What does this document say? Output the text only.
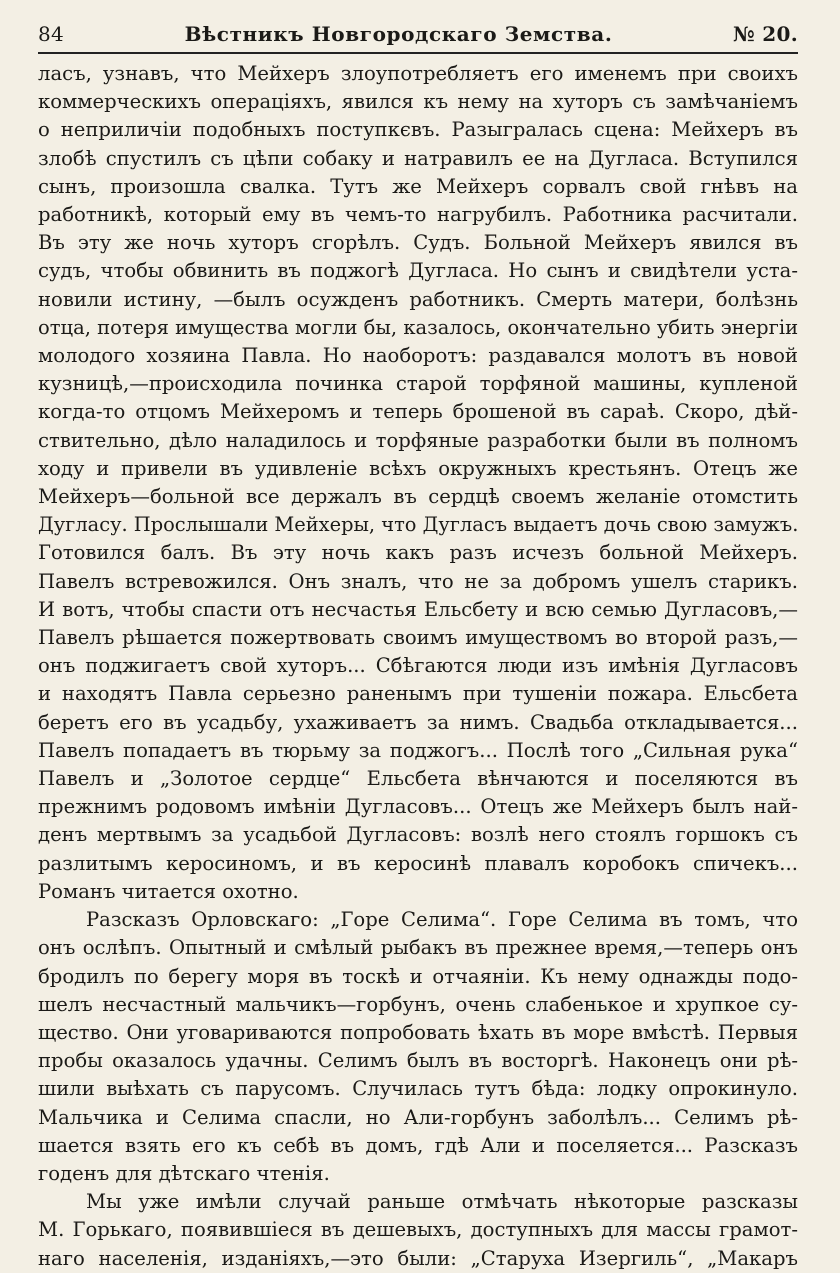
84	Вѣстникъ Новгородскаго Земства.	№ 20.
ласъ, узнавъ, что Мейхеръ злоупотребляетъ его именемъ при своихъ
коммерческихъ операціяхъ, явился къ нему на хуторъ съ замѣчаніемъ
о неприличіи подобныхъ поступкєвъ. Разыгралась сцена: Мейхеръ въ
злобѣ спустилъ съ цѣпи собаку и натравилъ ее на Дугласа. Вступился
сынъ, произошла свалка. Тутъ же Мейхеръ сорвалъ свой гнѣвъ на
работникѣ, который ему въ чемъ-то нагрубилъ. Работника расчитали.
Въ эту же ночь хуторъ сгорѣлъ. Судъ. Больной Мейхеръ явился въ
судъ, чтобы обвинить въ поджогѣ Дугласа. Но сынъ и свидѣтели уста-
новили истину, —былъ осужденъ работникъ. Смерть матери, болѣзнь
отца, потеря имущества могли бы, казалось, окончательно убить энергіи
молодого хозяина Павла. Но наоборотъ: раздавался молотъ въ новой
кузницѣ,—происходила починка старой торфяной машины, купленой
когда-то отцомъ Мейхеромъ и теперь брошеной въ сараѣ. Скоро, дѣй-
ствительно, дѣло наладилось и торфяные разработки были въ полномъ
ходу и привели въ удивленіе всѣхъ окружныхъ крестьянъ. Отецъ же
Мейхеръ—больной все держалъ въ сердцѣ своемъ желаніе отомстить
Дугласу. Прослышали Мейхеры, что Дугласъ выдаетъ дочь свою замужъ.
Готовился балъ. Въ эту ночь какъ разъ исчезъ больной Мейхеръ.
Павелъ встревожился. Онъ зналъ, что не за добромъ ушелъ старикъ.
И вотъ, чтобы спасти отъ несчастья Ельсбету и всю семью Дугласовъ,—
Павелъ рѣшается пожертвовать своимъ имуществомъ во второй разъ,—
онъ поджигаетъ свой хуторъ... Сбѣгаются люди изъ имѣнія Дугласовъ
и находятъ Павла серьезно раненымъ при тушеніи пожара. Ельсбета
беретъ его въ усадьбу, ухаживаетъ за нимъ. Свадьба откладывается...
Павелъ попадаетъ въ тюрьму за поджогъ... Послѣ того „Сильная рука“
Павелъ и „Золотое сердце“ Ельсбета вѣнчаются и поселяются въ
прежнимъ родовомъ имѣніи Дугласовъ... Отецъ же Мейхеръ былъ най-
денъ мертвымъ за усадьбой Дугласовъ: возлѣ него стоялъ горшокъ съ
разлитымъ керосиномъ, и въ керосинѣ плавалъ коробокъ спичекъ...
Романъ читается охотно.
Разсказъ Орловскаго: „Горе Селима“. Горе Селима въ томъ, что
онъ ослѣпъ. Опытный и смѣлый рыбакъ въ прежнее время,—теперь онъ
бродилъ по берегу моря въ тоскѣ и отчаяніи. Къ нему однажды подо-
шелъ несчастный мальчикъ—горбунъ, очень слабенькое и хрупкое су-
щество. Они уговариваются попробовать ѣхать въ море вмѣстѣ. Первыя
пробы оказалось удачны. Селимъ былъ въ восторгѣ. Наконецъ они рѣ-
шили выѣхать съ парусомъ. Случилась тутъ бѣда: лодку опрокинуло.
Мальчика и Селима спасли, но Али-горбунъ заболѣлъ... Селимъ рѣ-
шается взять его къ себѣ въ домъ, гдѣ Али и поселяется... Разсказъ
годенъ для дѣтскаго чтенія.
Мы уже имѣли случай раньше отмѣчать нѣкоторые разсказы
М. Горькаго, появившіеся въ дешевыхъ, доступныхъ для массы грамот-
наго населенія, изданіяхъ,—это были: „Старуха Изергиль“, „Макаръ
